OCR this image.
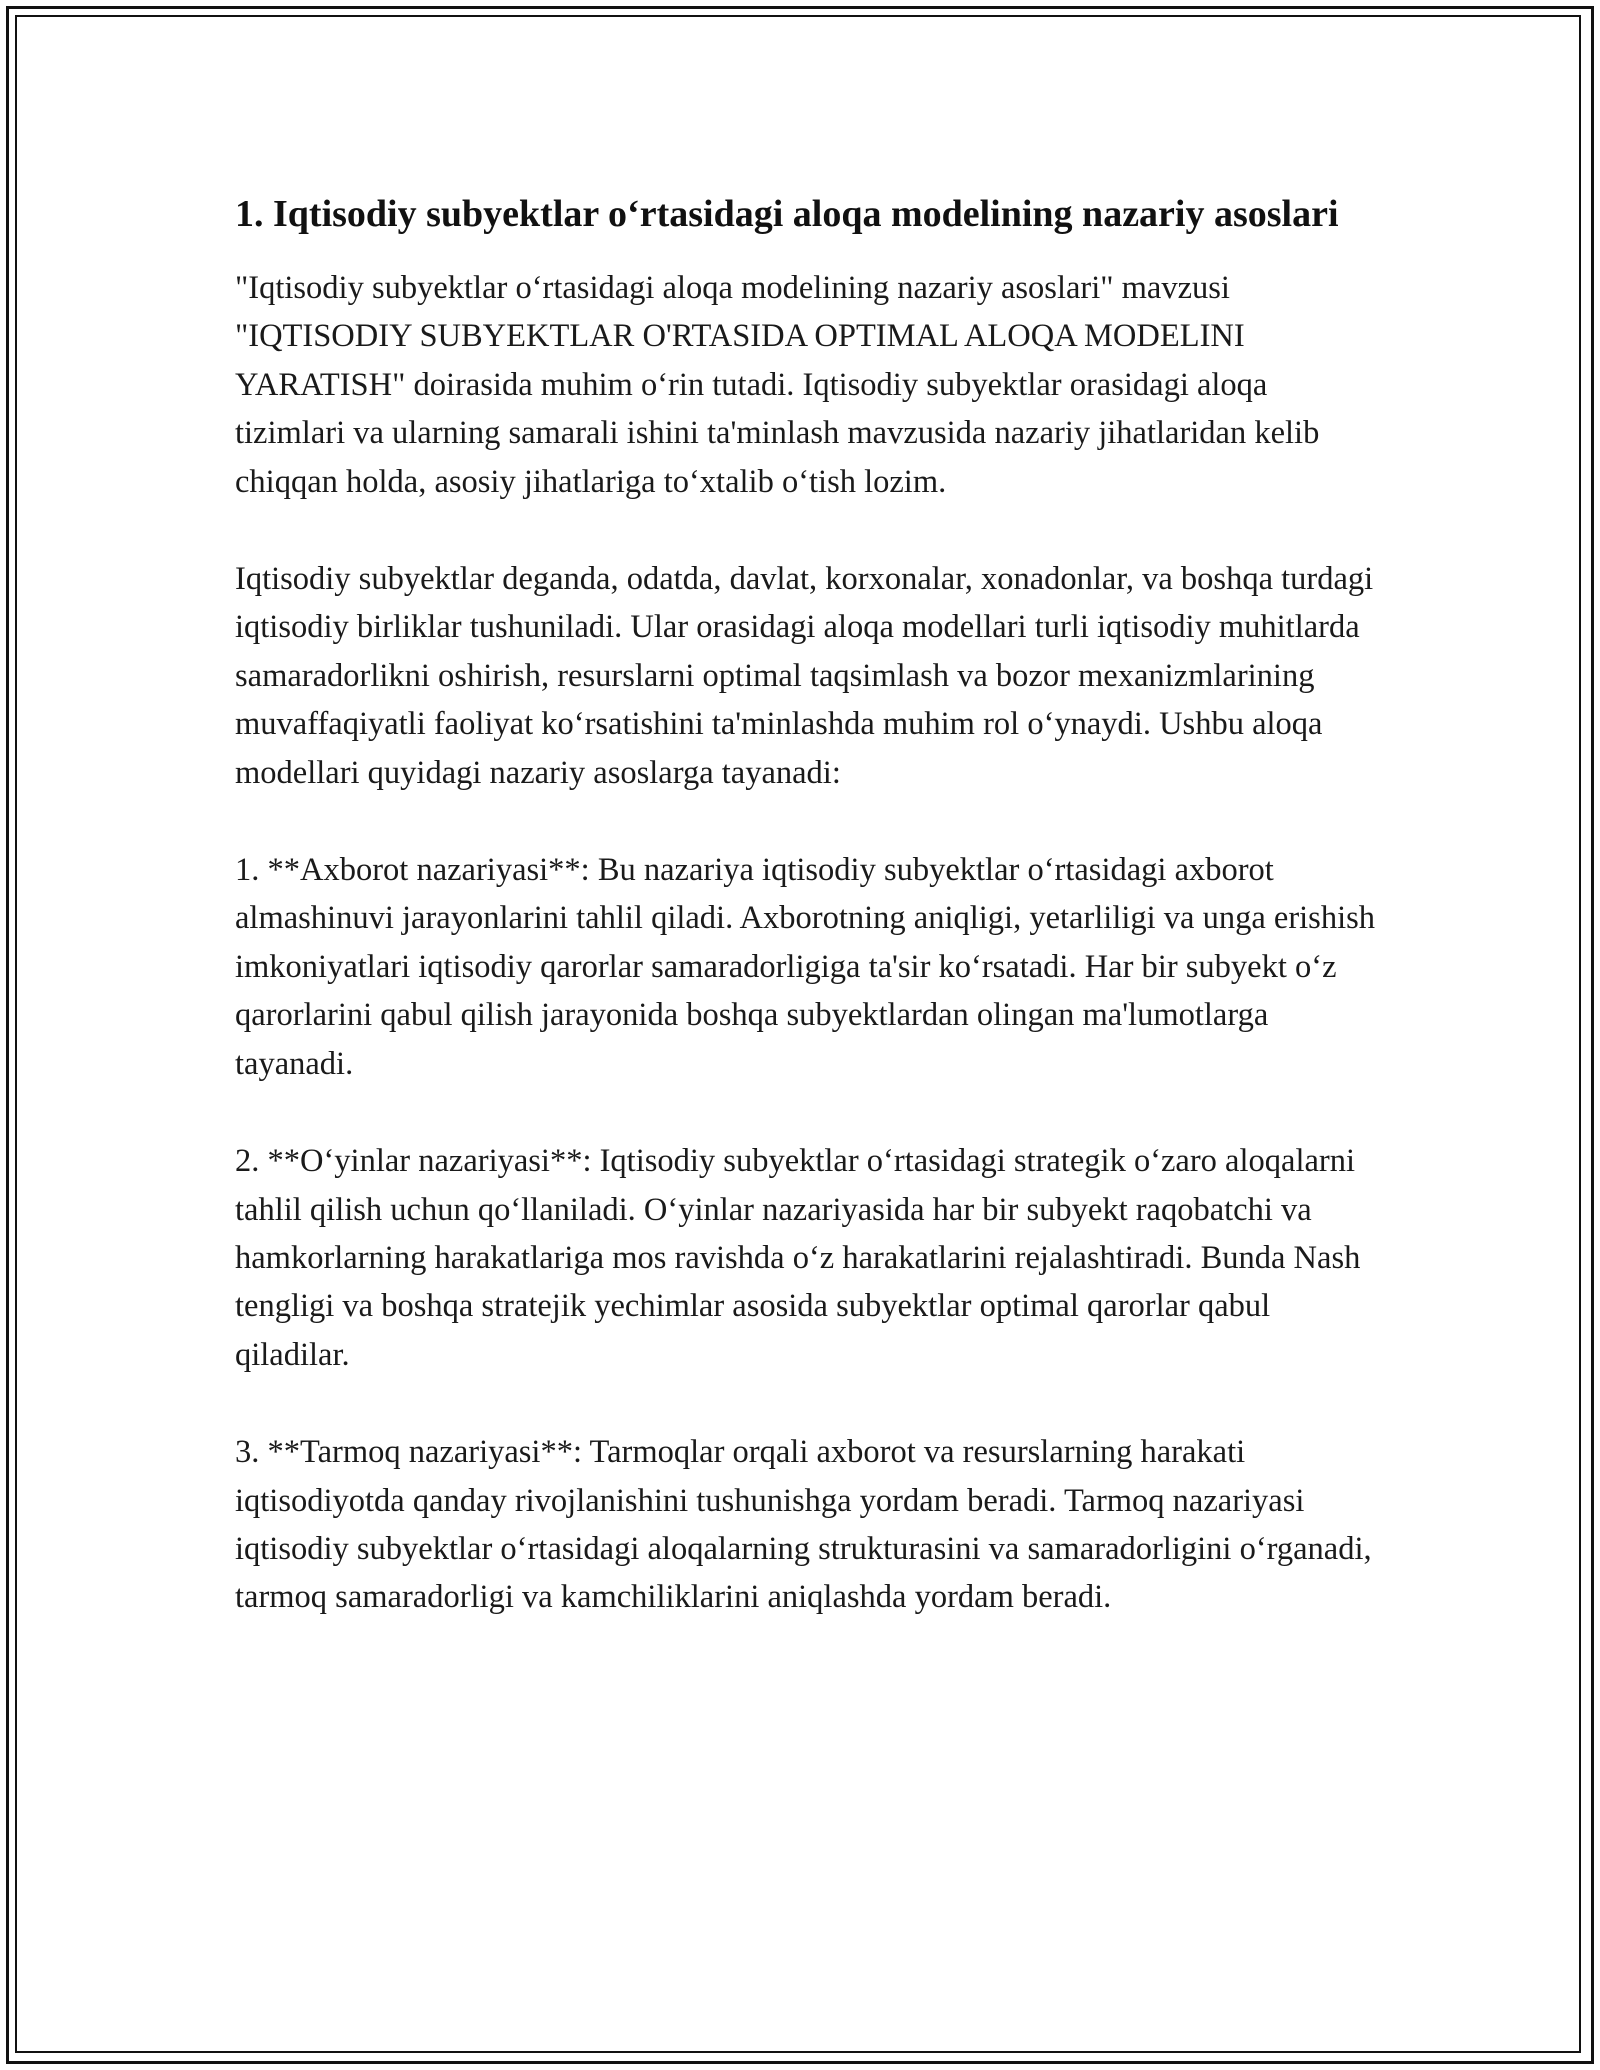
1. Iqtisodiy subyektlar o‘rtasidagi aloqa modelining nazariy asoslari

"Iqtisodiy subyektlar o‘rtasidagi aloqa modelining nazariy asoslari" mavzusi "IQTISODIY SUBYEKTLAR O'RTASIDA OPTIMAL ALOQA MODELINI YARATISH" doirasida muhim o‘rin tutadi. Iqtisodiy subyektlar orasidagi aloqa tizimlari va ularning samarali ishini ta'minlash mavzusida nazariy jihatlaridan kelib chiqqan holda, asosiy jihatlariga to‘xtalib o‘tish lozim.

Iqtisodiy subyektlar deganda, odatda, davlat, korxonalar, xonadonlar, va boshqa turdagi iqtisodiy birliklar tushuniladi. Ular orasidagi aloqa modellari turli iqtisodiy muhitlarda samaradorlikni oshirish, resurslarni optimal taqsimlash va bozor mexanizmlarining muvaffaqiyatli faoliyat ko‘rsatishini ta'minlashda muhim rol o‘ynaydi. Ushbu aloqa modellari quyidagi nazariy asoslarga tayanadi:

1. **Axborot nazariyasi**: Bu nazariya iqtisodiy subyektlar o‘rtasidagi axborot almashinuvi jarayonlarini tahlil qiladi. Axborotning aniqligi, yetarliligi va unga erishish imkoniyatlari iqtisodiy qarorlar samaradorligiga ta'sir ko‘rsatadi. Har bir subyekt o‘z qarorlarini qabul qilish jarayonida boshqa subyektlardan olingan ma'lumotlarga tayanadi.

2. **O‘yinlar nazariyasi**: Iqtisodiy subyektlar o‘rtasidagi strategik o‘zaro aloqalarni tahlil qilish uchun qo‘llaniladi. O‘yinlar nazariyasida har bir subyekt raqobatchi va hamkorlarning harakatlariga mos ravishda o‘z harakatlarini rejalashtiradi. Bunda Nash tengligi va boshqa stratejik yechimlar asosida subyektlar optimal qarorlar qabul qiladilar.

3. **Tarmoq nazariyasi**: Tarmoqlar orqali axborot va resurslarning harakati iqtisodiyotda qanday rivojlanishini tushunishga yordam beradi. Tarmoq nazariyasi iqtisodiy subyektlar o‘rtasidagi aloqalarning strukturasini va samaradorligini o‘rganadi, tarmoq samaradorligi va kamchiliklarini aniqlashda yordam beradi.
